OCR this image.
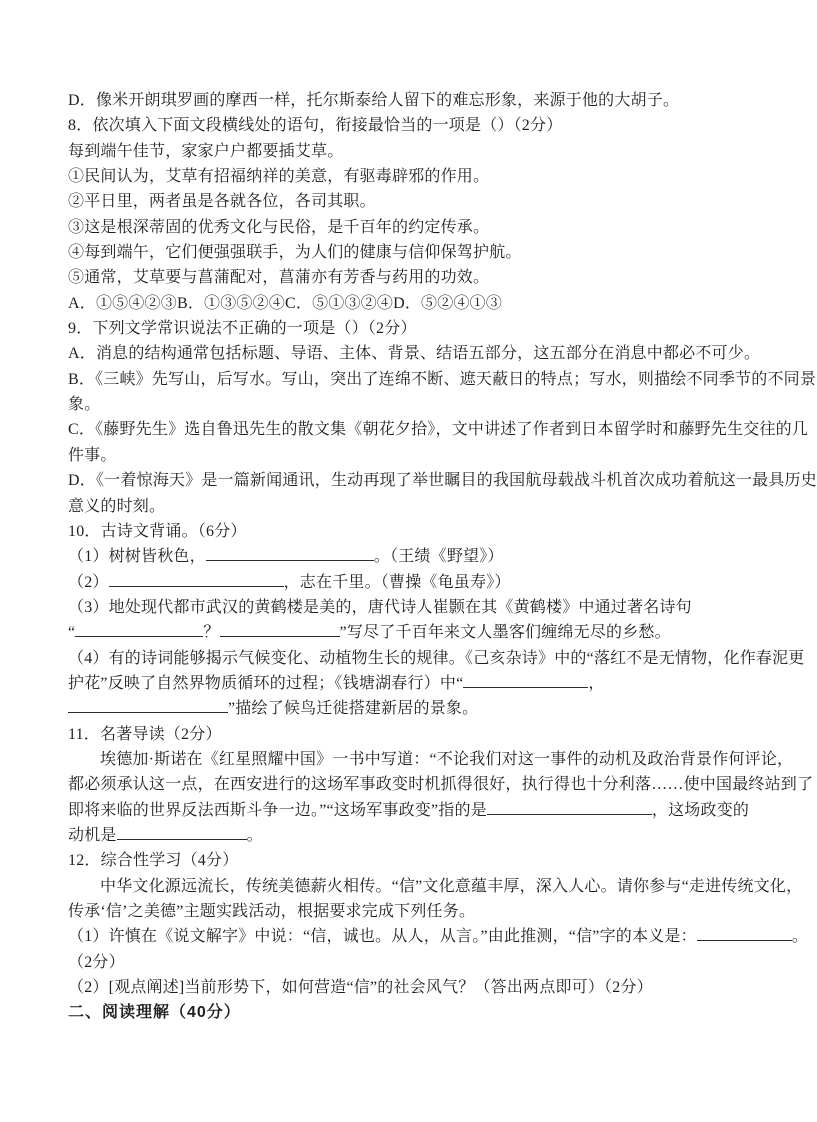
D．像米开朗琪罗画的摩西一样，托尔斯泰给人留下的难忘形象，来源于他的大胡子。
8．依次填入下面文段横线处的语句，衔接最恰当的一项是（）（2分）
每到端午佳节，家家户户都要插艾草。
①民间认为，艾草有招福纳祥的美意，有驱毒辟邪的作用。
②平日里，两者虽是各就各位，各司其职。
③这是根深蒂固的优秀文化与民俗，是千百年的约定传承。
④每到端午，它们便强强联手，为人们的健康与信仰保驾护航。
⑤通常，艾草要与菖蒲配对，菖蒲亦有芳香与药用的功效。
A．①⑤④②③B．①③⑤②④C．⑤①③②④D．⑤②④①③
9．下列文学常识说法不正确的一项是（）（2分）
A．消息的结构通常包括标题、导语、主体、背景、结语五部分，这五部分在消息中都必不可少。
B．《三峡》先写山，后写水。写山，突出了连绵不断、遮天蔽日的特点；写水，则描绘不同季节的不同景
象。
C．《藤野先生》选自鲁迅先生的散文集《朝花夕拾》，文中讲述了作者到日本留学时和藤野先生交往的几
件事。
D．《一着惊海天》是一篇新闻通讯，生动再现了举世瞩目的我国航母载战斗机首次成功着航这一最具历史
意义的时刻。
10．古诗文背诵。（6分）
（1）树树皆秋色，	。（王绩《野望》）
（2）	，志在千里。（曹操《龟虽寿》）
（3）地处现代都市武汉的黄鹤楼是美的，唐代诗人崔颢在其《黄鹤楼》中通过著名诗句
“	？	”写尽了千百年来文人墨客们缠绵无尽的乡愁。
（4）有的诗词能够揭示气候变化、动植物生长的规律。《己亥杂诗》中的“落红不是无情物，化作春泥更
护花”反映了自然界物质循环的过程；《钱塘湖春行）中“	，
”描绘了候鸟迁徙搭建新居的景象。
11．名著导读（2分）
埃德加·斯诺在《红星照耀中国》一书中写道：“不论我们对这一事件的动机及政治背景作何评论，
都必须承认这一点，在西安进行的这场军事政变时机抓得很好，执行得也十分利落……使中国最终站到了
即将来临的世界反法西斯斗争一边。”“这场军事政变”指的是	，这场政变的
动机是	。
12．综合性学习（4分）
中华文化源远流长，传统美德薪火相传。“信”文化意蕴丰厚，深入人心。请你参与“走进传统文化，
传承‘信’之美德”主题实践活动，根据要求完成下列任务。
（1）许慎在《说文解字》中说：“信，诚也。从人，从言。”由此推测，“信”字的本义是：	。
（2分）
（2）[观点阐述]当前形势下，如何营造“信”的社会风气？（答出两点即可）（2分）
二、阅读理解（40分）
